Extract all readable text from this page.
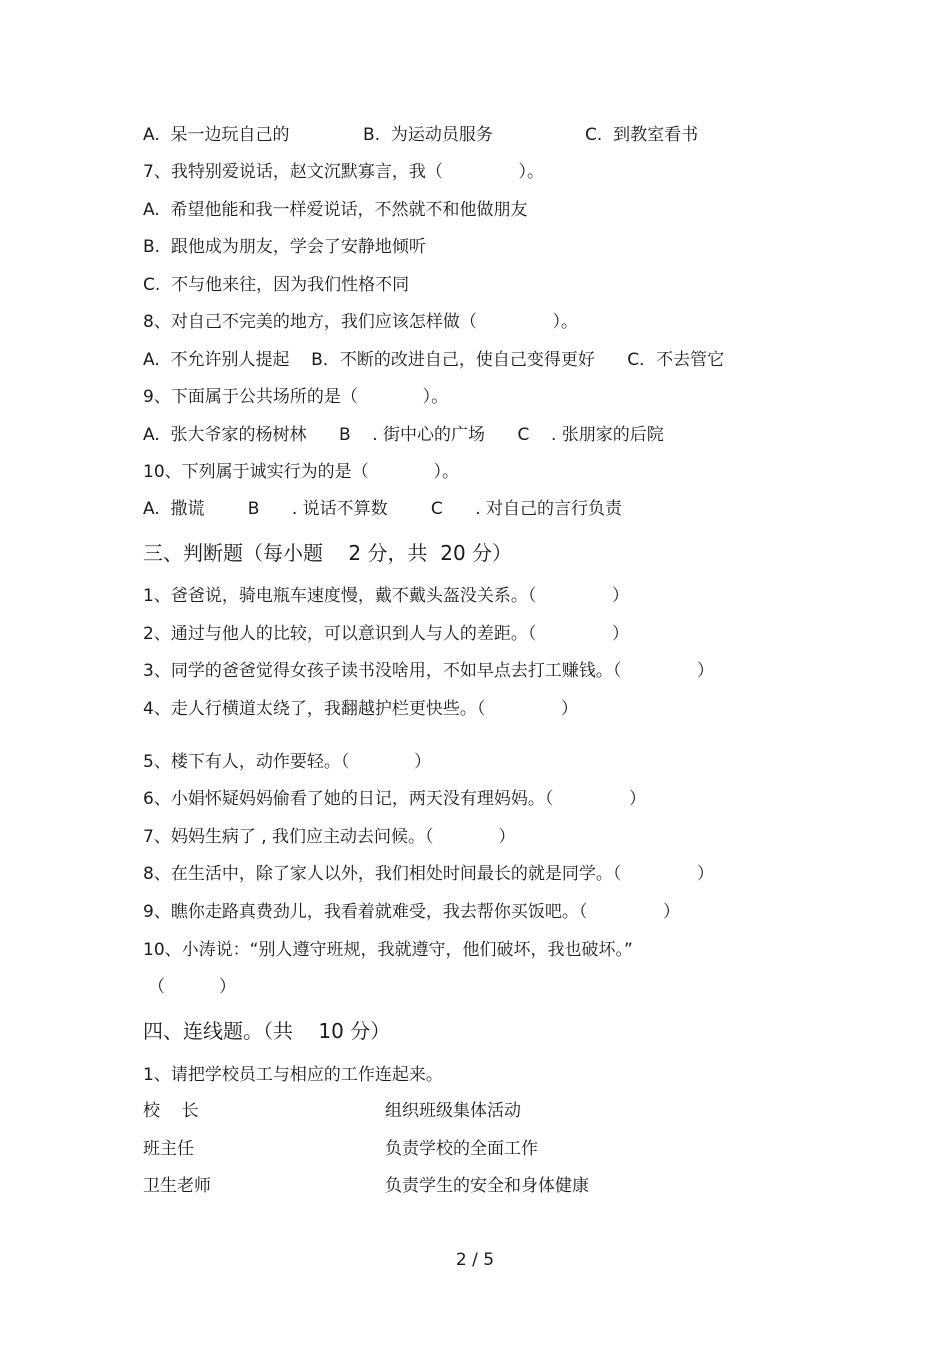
A.  呆一边玩自己的	B.  为运动员服务	C.  到教室看书
7、我特别爱说话，赵文沉默寡言，我（              ）。
A.  希望他能和我一样爱说话，不然就不和他做朋友
B.  跟他成为朋友，学会了安静地倾听
C.  不与他来往，因为我们性格不同
8、对自己不完美的地方，我们应该怎样做（              ）。
A.  不允许别人提起    B．不断的改进自己，使自己变得更好      C．不去管它
9、下面属于公共场所的是（            ）。
A.  张大爷家的杨树林      B    . 街中心的广场      C    . 张朋家的后院
10、下列属于诚实行为的是（            ）。
A.  撒谎        B      . 说话不算数        C      . 对自己的言行负责
三、判断题（每小题    2 分，共  20 分）
1、爸爸说，骑电瓶车速度慢，戴不戴头盔没关系。（              ）
2、通过与他人的比较，可以意识到人与人的差距。（              ）
3、同学的爸爸觉得女孩子读书没啥用，不如早点去打工赚钱。（              ）
4、走人行横道太绕了，我翻越护栏更快些。（              ）
5、楼下有人，动作要轻。（            ）
6、小娟怀疑妈妈偷看了她的日记，两天没有理妈妈。（              ）
7、妈妈生病了 , 我们应主动去问候。（            ）
8、在生活中，除了家人以外，我们相处时间最长的就是同学。（              ）
9、瞧你走路真费劲儿，我看着就难受，我去帮你买饭吧。（              ）
10、小涛说：“别人遵守班规，我就遵守，他们破坏，我也破坏。”
（          ）
四、连线题。（共    10 分）
1、请把学校员工与相应的工作连起来。
校    长	组织班级集体活动
班主任	负责学校的全面工作
卫生老师	负责学生的安全和身体健康
2 / 5
